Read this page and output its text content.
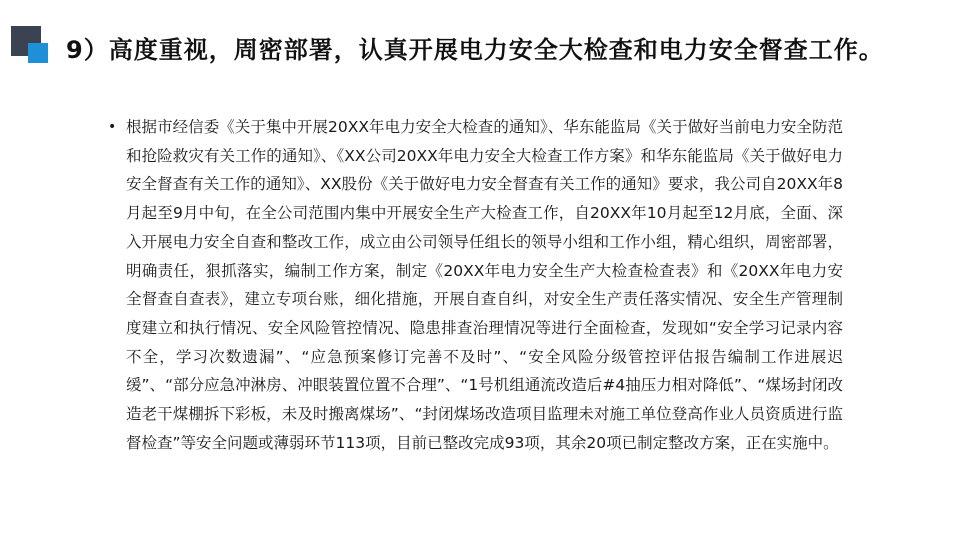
9）高度重视，周密部署，认真开展电力安全大检查和电力安全督查工作。
• 根据市经信委《关于集中开展20XX年电力安全大检查的通知》、华东能监局《关于做好当前电力安全防范和抢险救灾有关工作的通知》、《XX公司20XX年电力安全大检查工作方案》和华东能监局《关于做好电力安全督查有关工作的通知》、XX股份《关于做好电力安全督查有关工作的通知》要求，我公司自20XX年8月起至9月中旬，在全公司范围内集中开展安全生产大检查工作，自20XX年10月起至12月底，全面、深入开展电力安全自查和整改工作，成立由公司领导任组长的领导小组和工作小组，精心组织，周密部署，明确责任，狠抓落实，编制工作方案，制定《20XX年电力安全生产大检查检查表》和《20XX年电力安全督查自查表》，建立专项台账，细化措施，开展自查自纠，对安全生产责任落实情况、安全生产管理制度建立和执行情况、安全风险管控情况、隐患排查治理情况等进行全面检查，发现如“安全学习记录内容不全，学习次数遗漏”、“应急预案修订完善不及时”、“安全风险分级管控评估报告编制工作进展迟缓”、“部分应急冲淋房、冲眼装置位置不合理”、“1号机组通流改造后#4抽压力相对降低”、“煤场封闭改造老干煤棚拆下彩板，未及时搬离煤场”、“封闭煤场改造项目监理未对施工单位登高作业人员资质进行监督检查”等安全问题或薄弱环节113项，目前已整改完成93项，其余20项已制定整改方案，正在实施中。
